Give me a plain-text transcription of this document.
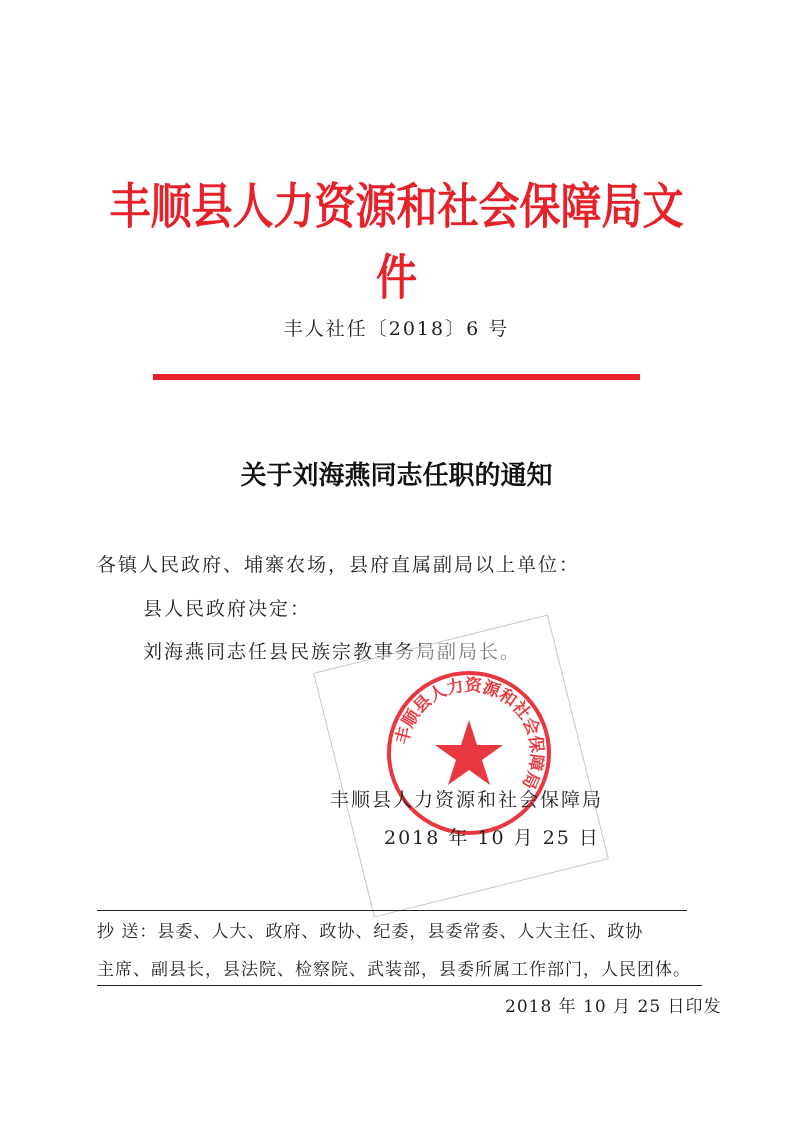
丰顺县人力资源和社会保障局文件
丰人社任〔2018〕6 号
关于刘海燕同志任职的通知
各镇人民政府、埔寨农场，县府直属副局以上单位：
县人民政府决定：
刘海燕同志任县民族宗教事务局副局长。
丰顺县人力资源和社会保障局
丰顺县人力资源和社会保障局
2018 年 10 月 25 日
抄 送：县委、人大、政府、政协、纪委，县委常委、人大主任、政协
主席、副县长，县法院、检察院、武装部，县委所属工作部门，人民团体。
2018 年 10 月 25 日印发
